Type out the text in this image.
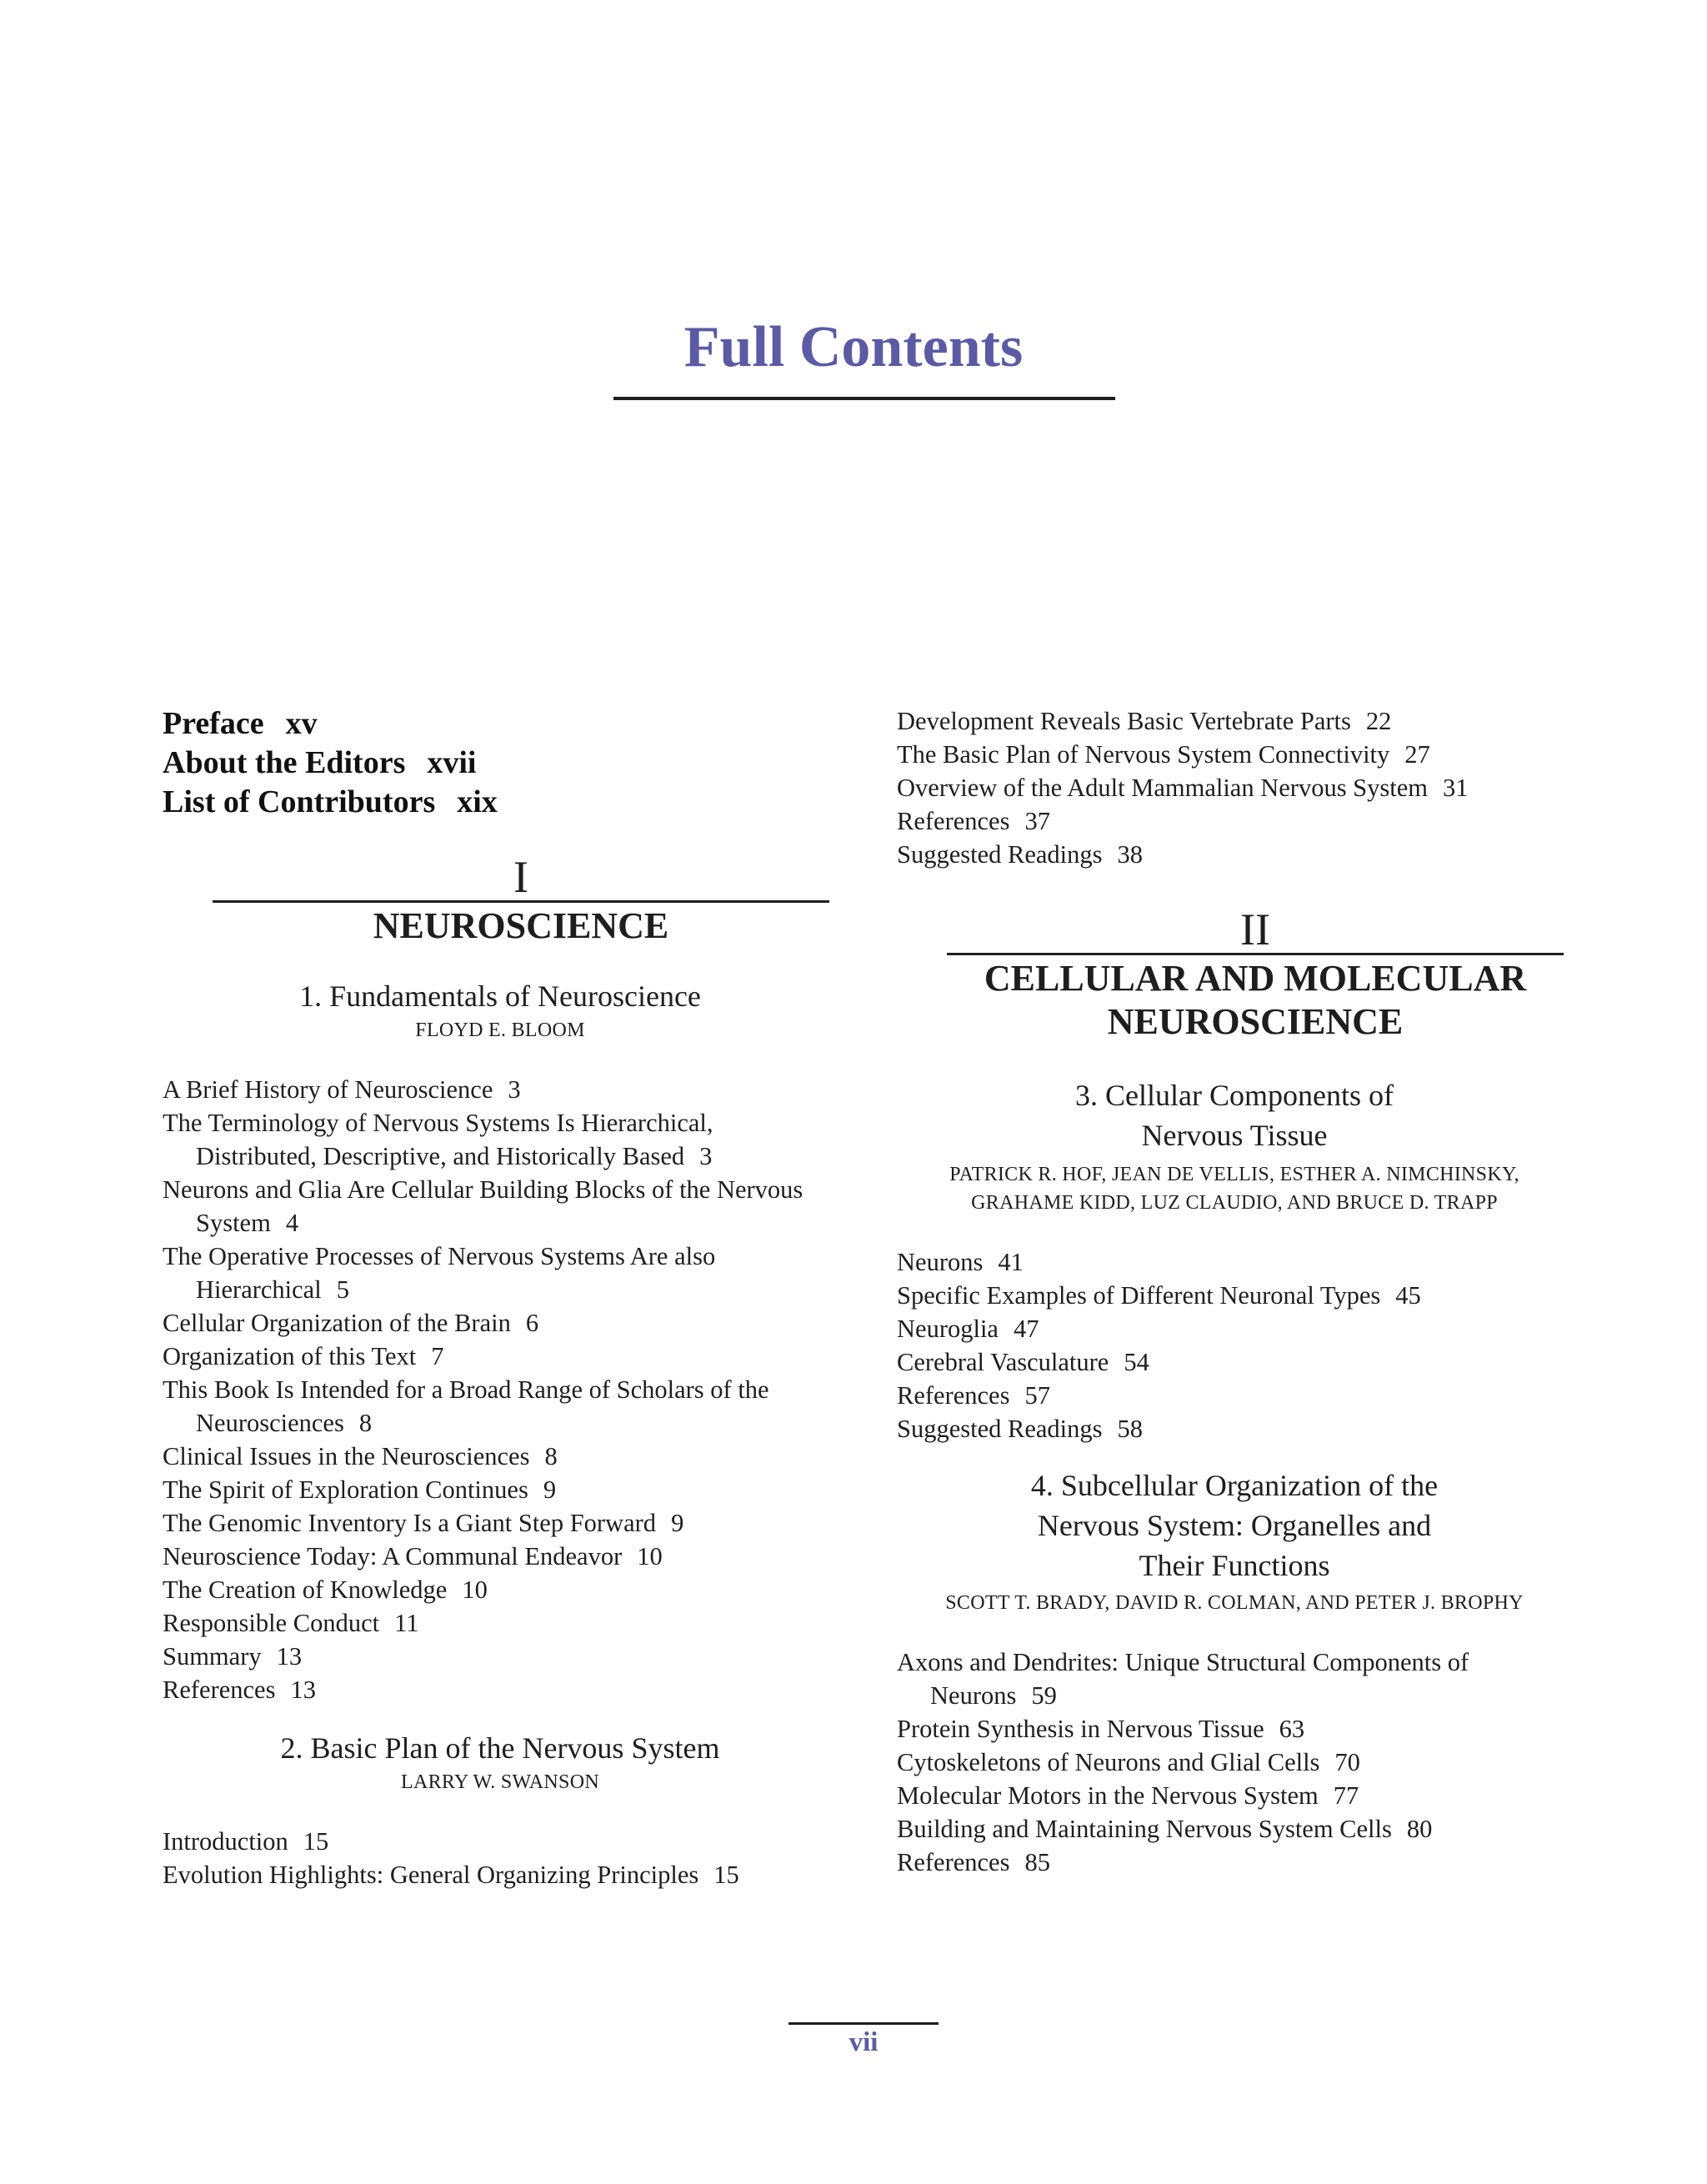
Full Contents
Preface xv
About the Editors xvii
List of Contributors xix
I
NEUROSCIENCE
1. Fundamentals of Neuroscience
FLOYD E. BLOOM
A Brief History of Neuroscience 3
The Terminology of Nervous Systems Is Hierarchical, Distributed, Descriptive, and Historically Based 3
Neurons and Glia Are Cellular Building Blocks of the Nervous System 4
The Operative Processes of Nervous Systems Are also Hierarchical 5
Cellular Organization of the Brain 6
Organization of this Text 7
This Book Is Intended for a Broad Range of Scholars of the Neurosciences 8
Clinical Issues in the Neurosciences 8
The Spirit of Exploration Continues 9
The Genomic Inventory Is a Giant Step Forward 9
Neuroscience Today: A Communal Endeavor 10
The Creation of Knowledge 10
Responsible Conduct 11
Summary 13
References 13
2. Basic Plan of the Nervous System
LARRY W. SWANSON
Introduction 15
Evolution Highlights: General Organizing Principles 15
Development Reveals Basic Vertebrate Parts 22
The Basic Plan of Nervous System Connectivity 27
Overview of the Adult Mammalian Nervous System 31
References 37
Suggested Readings 38
II
CELLULAR AND MOLECULAR
NEUROSCIENCE
3. Cellular Components of
Nervous Tissue
PATRICK R. HOF, JEAN DE VELLIS, ESTHER A. NIMCHINSKY,
GRAHAME KIDD, LUZ CLAUDIO, AND BRUCE D. TRAPP
Neurons 41
Specific Examples of Different Neuronal Types 45
Neuroglia 47
Cerebral Vasculature 54
References 57
Suggested Readings 58
4. Subcellular Organization of the
Nervous System: Organelles and
Their Functions
SCOTT T. BRADY, DAVID R. COLMAN, AND PETER J. BROPHY
Axons and Dendrites: Unique Structural Components of Neurons 59
Protein Synthesis in Nervous Tissue 63
Cytoskeletons of Neurons and Glial Cells 70
Molecular Motors in the Nervous System 77
Building and Maintaining Nervous System Cells 80
References 85
vii
